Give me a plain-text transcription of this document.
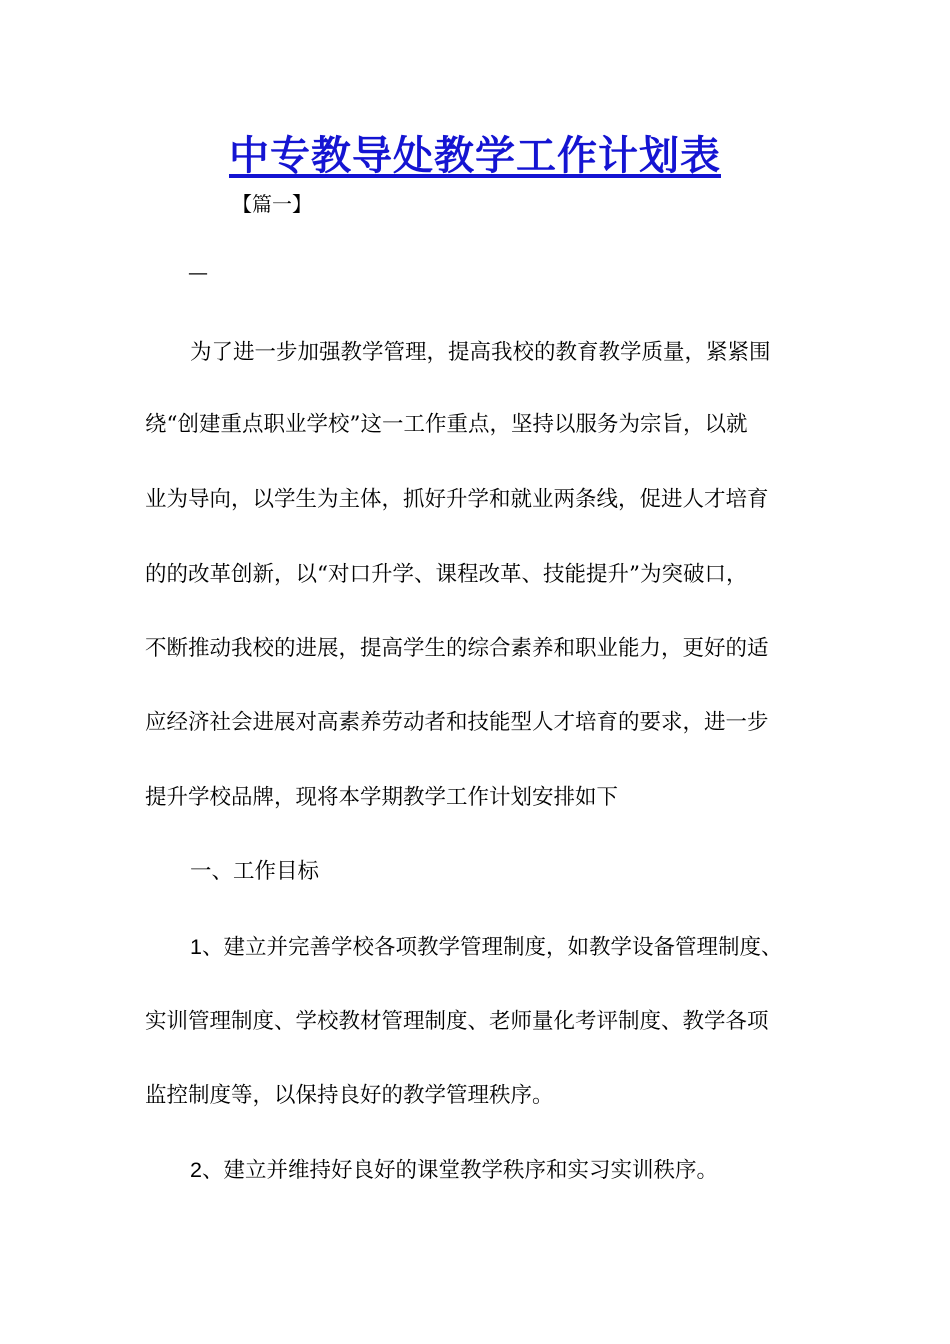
中专教导处教学工作计划表
【篇一】
—
为了进一步加强教学管理，提高我校的教育教学质量，紧紧围
绕“创建重点职业学校”这一工作重点，坚持以服务为宗旨，以就
业为导向，以学生为主体，抓好升学和就业两条线，促进人才培育
的的改革创新，以“对口升学、课程改革、技能提升”为突破口，
不断推动我校的进展，提高学生的综合素养和职业能力，更好的适
应经济社会进展对高素养劳动者和技能型人才培育的要求，进一步
提升学校品牌，现将本学期教学工作计划安排如下
一、工作目标
1、建立并完善学校各项教学管理制度，如教学设备管理制度、
实训管理制度、学校教材管理制度、老师量化考评制度、教学各项
监控制度等，以保持良好的教学管理秩序。
2、建立并维持好良好的课堂教学秩序和实习实训秩序。
